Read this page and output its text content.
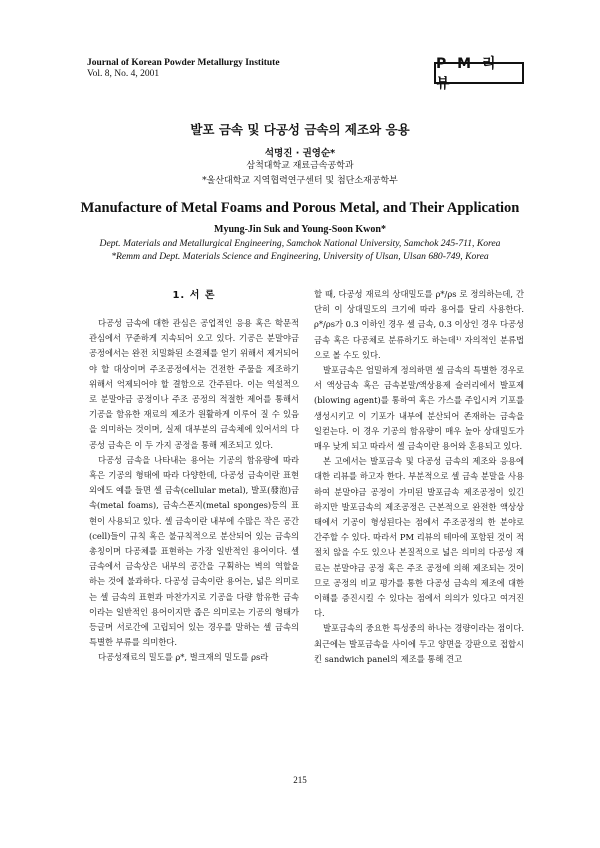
Journal of Korean Powder Metallurgy Institute
Vol. 8, No. 4, 2001
P M 리 뷰
발포 금속 및 다공성 금속의 제조와 응용
석명진 · 권영순*
삼척대학교 재료금속공학과
*울산대학교 지역협력연구센터 및 첨단소재공학부
Manufacture of Metal Foams and Porous Metal, and Their Application
Myung-Jin Suk and Young-Soon Kwon*
Dept. Materials and Metallurgical Engineering, Samchok National University, Samchok 245-711, Korea
*Remm and Dept. Materials Science and Engineering, University of Ulsan, Ulsan 680-749, Korea
1. 서 론

다공성 금속에 대한 관심은 공업적인 응용 혹은 학문적 관심에서 꾸준하게 지속되어 오고 있다. 기공은 분말야금 공정에서는 완전 치밀화된 소결체를 얻기 위해서 제거되어야 할 대상이며 주조공정에서는 건전한 주물을 제조하기 위해서 억제되어야 할 결함으로 간주된다. 이는 역설적으로 분말야금 공정이나 주조 공정의 적절한 제어를 통해서 기공을 함유한 재료의 제조가 원활하게 이루어 질 수 있음을 의미하는 것이며, 실제 대부분의 금속체에 있어서의 다공성 금속은 이 두 가지 공정을 통해 제조되고 있다.

다공성 금속을 나타내는 용어는 기공의 함유량에 따라 혹은 기공의 형태에 따라 다양한데, 다공성 금속이란 표현 외에도 예를 들면 셀 금속(cellular metal), 발포(發泡)금속(metal foams), 금속스폰지(metal sponges)등의 표현이 사용되고 있다. 셀 금속이란 내부에 수많은 작은 공간(cell)들이 규칙 혹은 불규칙적으로 분산되어 있는 금속의 총칭이며 다공체를 표현하는 가장 일반적인 용어이다. 셀 금속에서 금속상은 내부의 공간을 구획하는 벽의 역할을 하는 것에 불과하다. 다공성 금속이란 용어는, 넓은 의미로는 셀 금속의 표현과 마찬가지로 기공을 다량 함유한 금속이라는 일반적인 용어이지만 좁은 의미로는 기공의 형태가 등글며 서로간에 고립되어 있는 경우를 말하는 셀 금속의 특별한 부류를 의미한다.

다공성재료의 밀도를 ρ*, 벌크재의 밀도를 ρs라

할 때, 다공성 재료의 상대밀도를 ρ*/ρs 로 정의하는데, 간단히 이 상대밀도의 크기에 따라 용어를 달리 사용한다. ρ*/ρs가 0.3 이하인 경우 셀 금속, 0.3 이상인 경우 다공성 금속 혹은 다공체로 분류하기도 하는데¹⁾ 자의적인 분류법으로 볼 수도 있다.

발포금속은 엄밀하게 정의하면 셀 금속의 특별한 경우로서 액상금속 혹은 금속분말/액상용제 슬러리에서 발포제(blowing agent)를 통하여 혹은 가스를 주입시켜 기포를 생성시키고 이 기포가 내부에 분산되어 존재하는 금속을 일컫는다. 이 경우 기공의 함유량이 매우 높아 상대밀도가 매우 낮게 되고 따라서 셀 금속이란 용어와 혼용되고 있다.

본 고에서는 발포금속 및 다공성 금속의 제조와 응용에 대한 리뷰를 하고자 한다. 부분적으로 셀 금속 분말을 사용하여 분말야금 공정이 가미된 발포금속 제조공정이 있긴 하지만 발포금속의 제조공정은 근본적으로 완전한 액상상태에서 기공이 형성된다는 점에서 주조공정의 한 분야로 간주할 수 있다. 따라서 PM 리뷰의 테마에 포함된 것이 적절치 않을 수도 있으나 본질적으로 넓은 의미의 다공성 재료는 분말야금 공정 혹은 주조 공정에 의해 제조되는 것이므로 공정의 비교 평가를 통한 다공성 금속의 제조에 대한 이해를 증진시킬 수 있다는 점에서 의의가 있다고 여겨진다.

발포금속의 중요한 특성중의 하나는 경량이라는 점이다. 최근에는 발포금속을 사이에 두고 양면을 강판으로 접합시킨 sandwich panel의 제조를 통해 견고

215
